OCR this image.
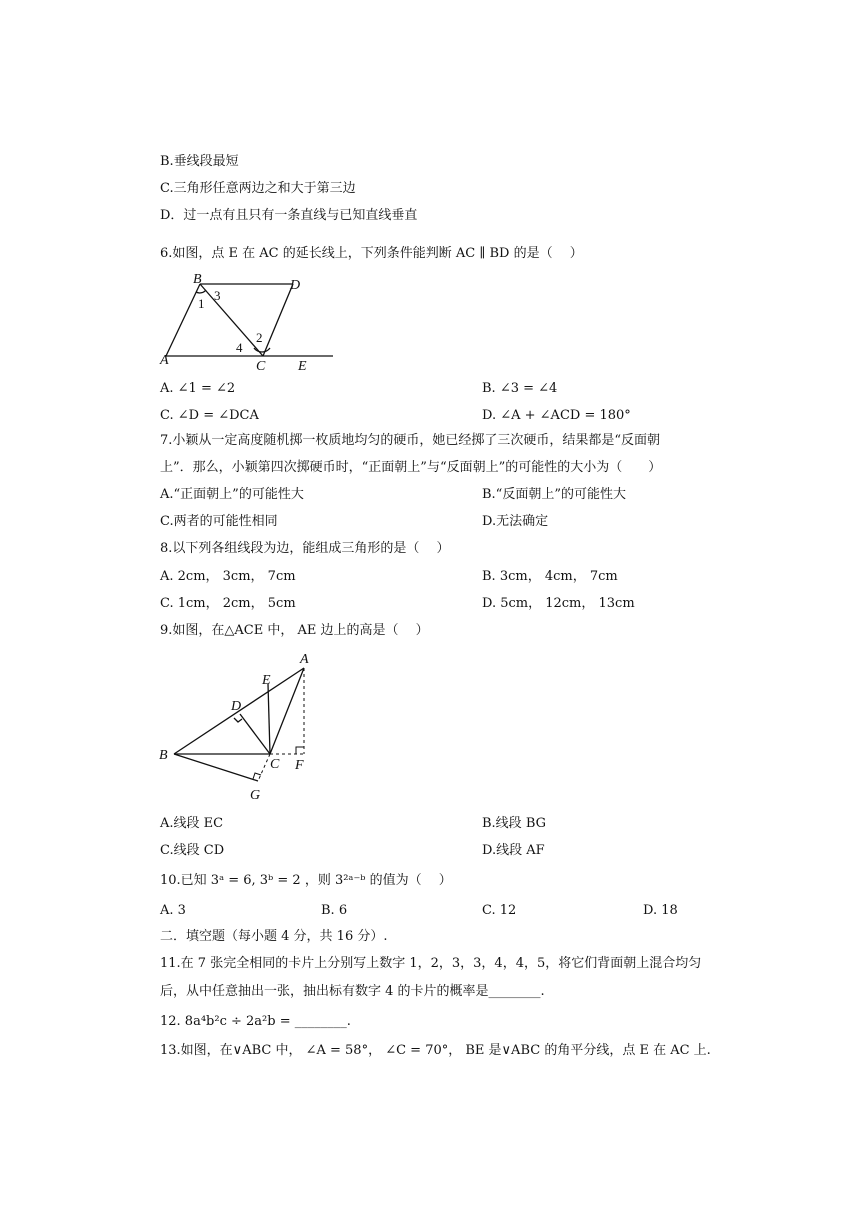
B.垂线段最短
C.三角形任意两边之和大于第三边
D．过一点有且只有一条直线与已知直线垂直
6.如图，点 E 在 AC 的延长线上，下列条件能判断 AC ∥ BD 的是（　 ）
B	D
A	C E
1
3
2
4
A. ∠1 = ∠2	B. ∠3 = ∠4
C. ∠D = ∠DCA	D. ∠A + ∠ACD = 180°
7.小颖从一定高度随机掷一枚质地均匀的硬币，她已经掷了三次硬币，结果都是“反面朝
上”．那么，小颖第四次掷硬币时，“正面朝上”与“反面朝上”的可能性的大小为（　　）
A.“正面朝上”的可能性大	B.“反面朝上”的可能性大
C.两者的可能性相同	D.无法确定
8.以下列各组线段为边，能组成三角形的是（　 ）
A. 2cm， 3cm， 7cm	B. 3cm， 4cm， 7cm
C. 1cm， 2cm， 5cm	D. 5cm， 12cm， 13cm
9.如图，在△ACE 中， AE 边上的高是（　 ）
A
E
D
B
C F
G
A.线段 EC	B.线段 BG
C.线段 CD	D.线段 AF
10.已知 3ᵃ = 6, 3ᵇ = 2 ，则 3²ᵃ⁻ᵇ 的值为（　 ）
A. 3	B. 6	C. 12	D. 18
二．填空题（每小题 4 分，共 16 分）.
11.在 7 张完全相同的卡片上分别写上数字 1，2，3，3，4，4，5，将它们背面朝上混合均匀
后，从中任意抽出一张，抽出标有数字 4 的卡片的概率是________.
12. 8a⁴b²c ÷ 2a²b = ________.
13.如图，在∨ABC 中， ∠A = 58°， ∠C = 70°， BE 是∨ABC 的角平分线，点 E 在 AC 上.
